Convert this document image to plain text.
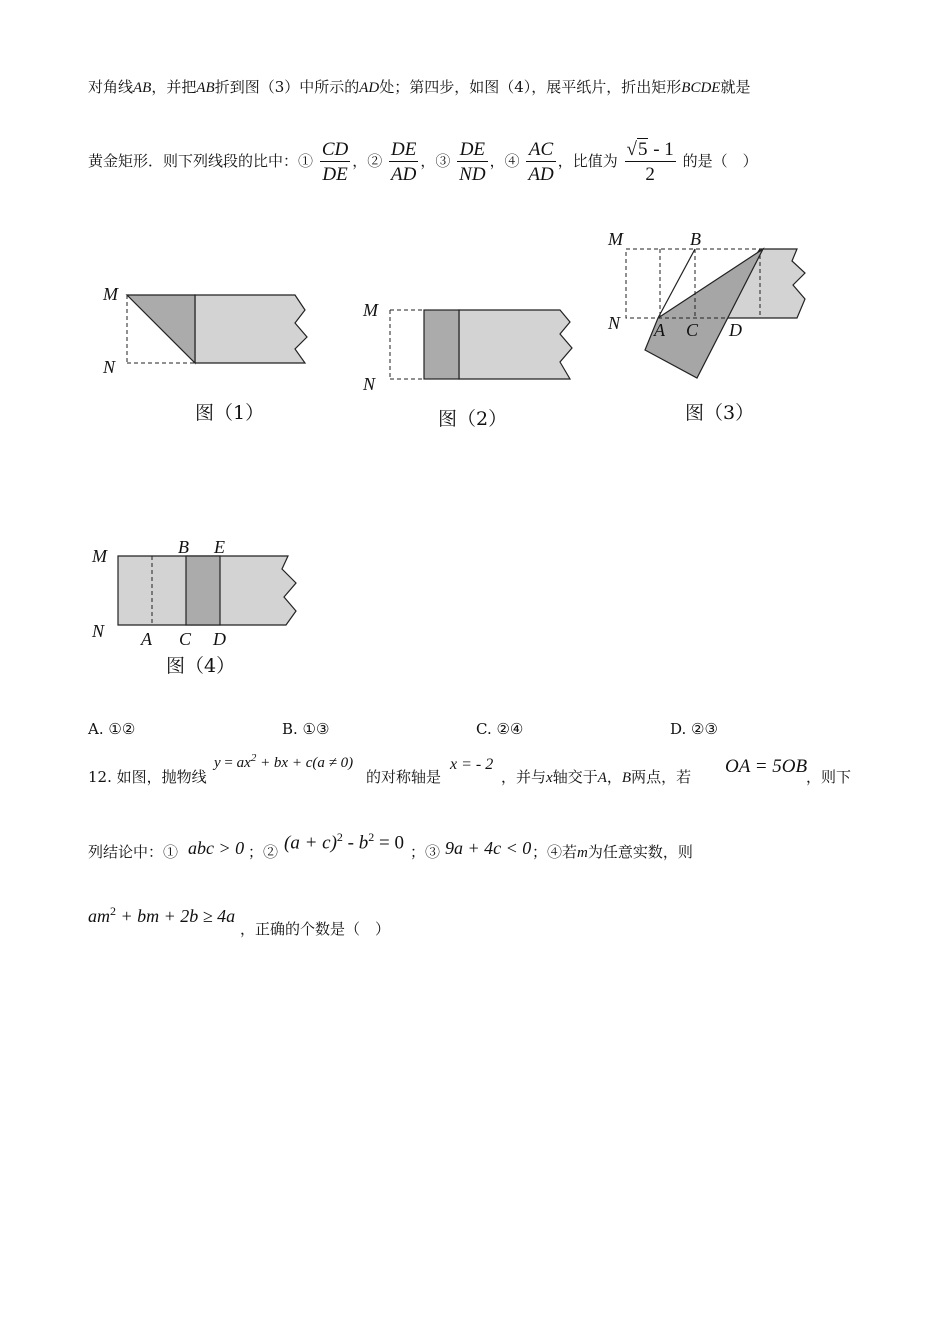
对角线AB，并把AB折到图（3）中所示的AD处；第四步，如图（4），展平纸片，折出矩形BCDE就是
黄金矩形．则下列线段的比中：① $\frac{CD}{DE}$ ，② $\frac{DE}{AD}$ ，③ $\frac{DE}{ND}$ ，④ $\frac{AC}{AD}$ ，比值为 $\frac{√5 - 1}{2}$ 的是（　）
M
N
图（1）
M
N
图（2）
M	B
N A C D
图（3）
M	B E
N A C D
图（4）
A. ①②	B. ①③	C. ②④	D. ②③
12. 如图，抛物线
$y = ax^2$ + bx + c(a ≠ 0)
的对称轴是
x = - 2
，并与x轴交于A，B两点，若 OA = 5OB
，则下
列结论中：① abc > 0 ；② $(a + c)^2 - b^2 = 0$ ；③ 9a + 4c < 0 ；④若m为任意实数，则
$am^2$ + bm + 2b ≥ 4a
，正确的个数是（　）
